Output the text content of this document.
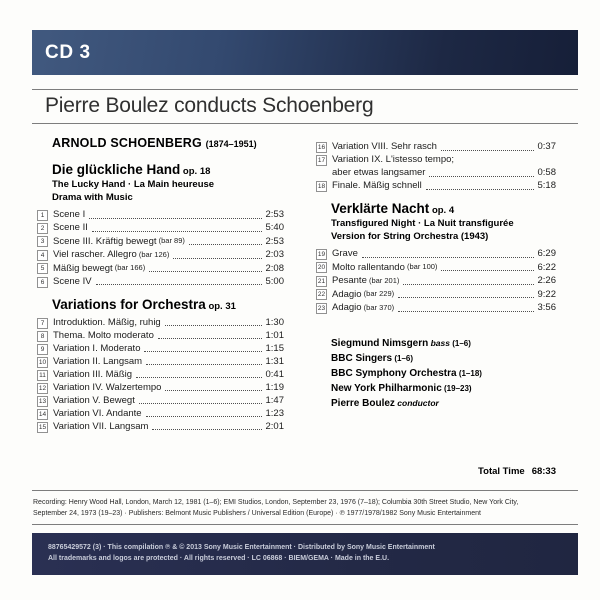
CD 3
Pierre Boulez conducts Schoenberg
ARNOLD SCHOENBERG (1874–1951)
Die glückliche Hand op. 18
The Lucky Hand · La Main heureuse
Drama with Music
1 Scene I	2:53
2 Scene II	5:40
3 Scene III. Kräftig bewegt (bar 89)	2:53
4 Viel rascher. Allegro (bar 126)	2:03
5 Mäßig bewegt (bar 166)	2:08
6 Scene IV	5:00
Variations for Orchestra op. 31
7 Introduktion. Mäßig, ruhig	1:30
8 Thema. Molto moderato	1:01
9 Variation I. Moderato	1:15
10 Variation II. Langsam	1:31
11 Variation III. Mäßig	0:41
12 Variation IV. Walzertempo	1:19
13 Variation V. Bewegt	1:47
14 Variation VI. Andante	1:23
15 Variation VII. Langsam	2:01
16 Variation VIII. Sehr rasch	0:37
17 Variation IX. L'istesso tempo;
aber etwas langsamer	0:58
18 Finale. Mäßig schnell	5:18
Verklärte Nacht op. 4
Transfigured Night · La Nuit transfigurée
Version for String Orchestra (1943)
19 Grave	6:29
20 Molto rallentando (bar 100)	6:22
21 Pesante (bar 201)	2:26
22 Adagio (bar 229)	9:22
23 Adagio (bar 370)	3:56
Siegmund Nimsgern bass (1–6)
BBC Singers (1–6)
BBC Symphony Orchestra (1–18)
New York Philharmonic (19–23)
Pierre Boulez conductor
Total Time 68:33
Recording: Henry Wood Hall, London, March 12, 1981 (1–6); EMI Studios, London, September 23, 1976 (7–18); Columbia 30th Street Studio, New York City,
September 24, 1973 (19–23) · Publishers: Belmont Music Publishers / Universal Edition (Europe) · ℗ 1977/1978/1982 Sony Music Entertainment
88765429572 (3) · This compilation ℗ & © 2013 Sony Music Entertainment · Distributed by Sony Music Entertainment
All trademarks and logos are protected · All rights reserved · LC 06868 · BIEM/GEMA · Made in the E.U.
